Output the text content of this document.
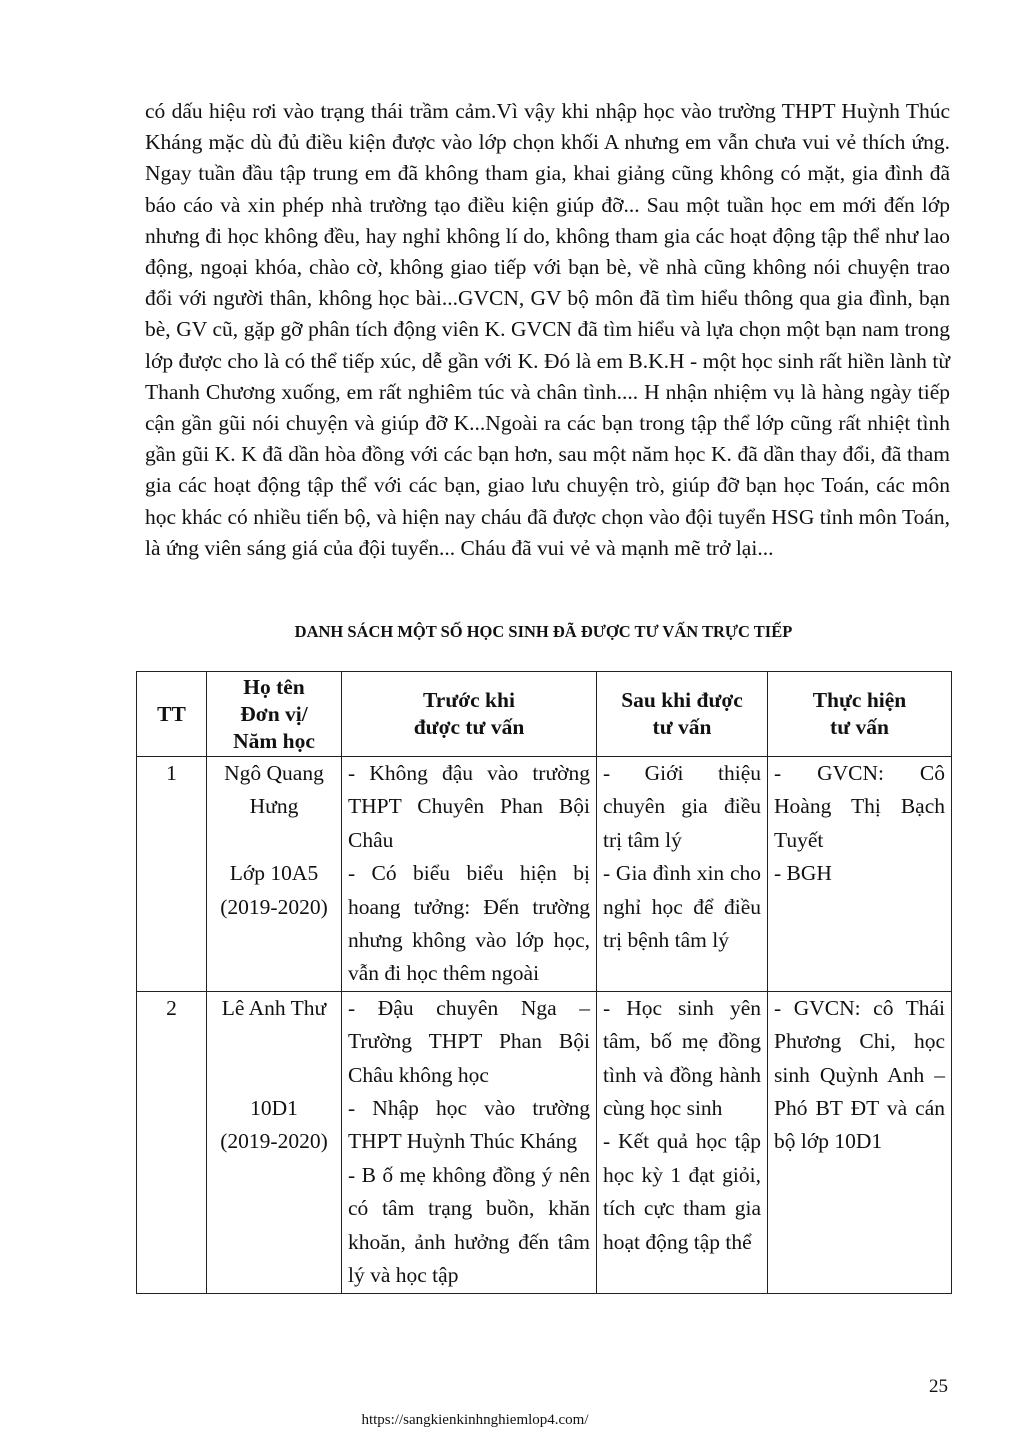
có dấu hiệu rơi vào trạng thái trầm cảm.Vì vậy khi nhập học vào trường THPT Huỳnh Thúc Kháng mặc dù đủ điều kiện được vào lớp chọn khối A nhưng em vẫn chưa vui vẻ thích ứng. Ngay tuần đầu tập trung em đã không tham gia, khai giảng cũng không có mặt, gia đình đã báo cáo và xin phép nhà trường tạo điều kiện giúp đỡ... Sau một tuần học em mới đến lớp nhưng đi học không đều, hay nghỉ không lí do, không tham gia các hoạt động tập thể như lao động, ngoại khóa, chào cờ, không giao tiếp với bạn bè, về nhà cũng không nói chuyện trao đổi với người thân, không học bài...GVCN, GV bộ môn đã tìm hiểu thông qua gia đình, bạn bè, GV cũ, gặp gỡ phân tích động viên K. GVCN đã tìm hiểu và lựa chọn một bạn nam trong lớp được cho là có thể tiếp xúc, dễ gần với K. Đó là em B.K.H - một học sinh rất hiền lành từ Thanh Chương xuống, em rất nghiêm túc và chân tình.... H nhận nhiệm vụ là hàng ngày tiếp cận gần gũi nói chuyện và giúp đỡ K...Ngoài ra các bạn trong tập thể lớp cũng rất nhiệt tình gần gũi K. K đã dần hòa đồng với các bạn hơn, sau một năm học K. đã dần thay đổi, đã tham gia các hoạt động tập thể với các bạn, giao lưu chuyện trò, giúp đỡ bạn học Toán, các môn học khác có nhiều tiến bộ, và hiện nay cháu đã được chọn vào đội tuyển HSG tỉnh môn Toán, là ứng viên sáng giá của đội tuyển... Cháu đã vui vẻ và mạnh mẽ trở lại...

DANH SÁCH MỘT SỐ HỌC SINH ĐÃ ĐƯỢC TƯ VẤN TRỰC TIẾP

TT	Họ tên
Đơn vị/
Năm học	Trước khi
được tư vấn	Sau khi được
tư vấn	Thực hiện
tư vấn

1	Ngô Quang Hưng
Lớp 10A5
(2019-2020)	- Không đậu vào trường THPT Chuyên Phan Bội Châu
- Có biểu biểu hiện bị hoang tưởng: Đến trường nhưng không vào lớp học, vẫn đi học thêm ngoài	- Giới thiệu chuyên gia điều trị tâm lý
- Gia đình xin cho nghỉ học để điều trị bệnh tâm lý	- GVCN: Cô Hoàng Thị Bạch Tuyết
- BGH

2	Lê Anh Thư
10D1
(2019-2020)	- Đậu chuyên Nga – Trường THPT Phan Bội Châu không học
- Nhập học vào trường THPT Huỳnh Thúc Kháng
- B ố mẹ không đồng ý nên có tâm trạng buồn, khăn khoăn, ảnh hưởng đến tâm lý và học tập	- Học sinh yên tâm, bố mẹ đồng tình và đồng hành cùng học sinh
- Kết quả học tập học kỳ 1 đạt giỏi, tích cực tham gia hoạt động tập thể	- GVCN: cô Thái Phương Chi, học sinh Quỳnh Anh – Phó BT ĐT và cán bộ lớp 10D1
25
https://sangkienkinhnghiemlop4.com/
